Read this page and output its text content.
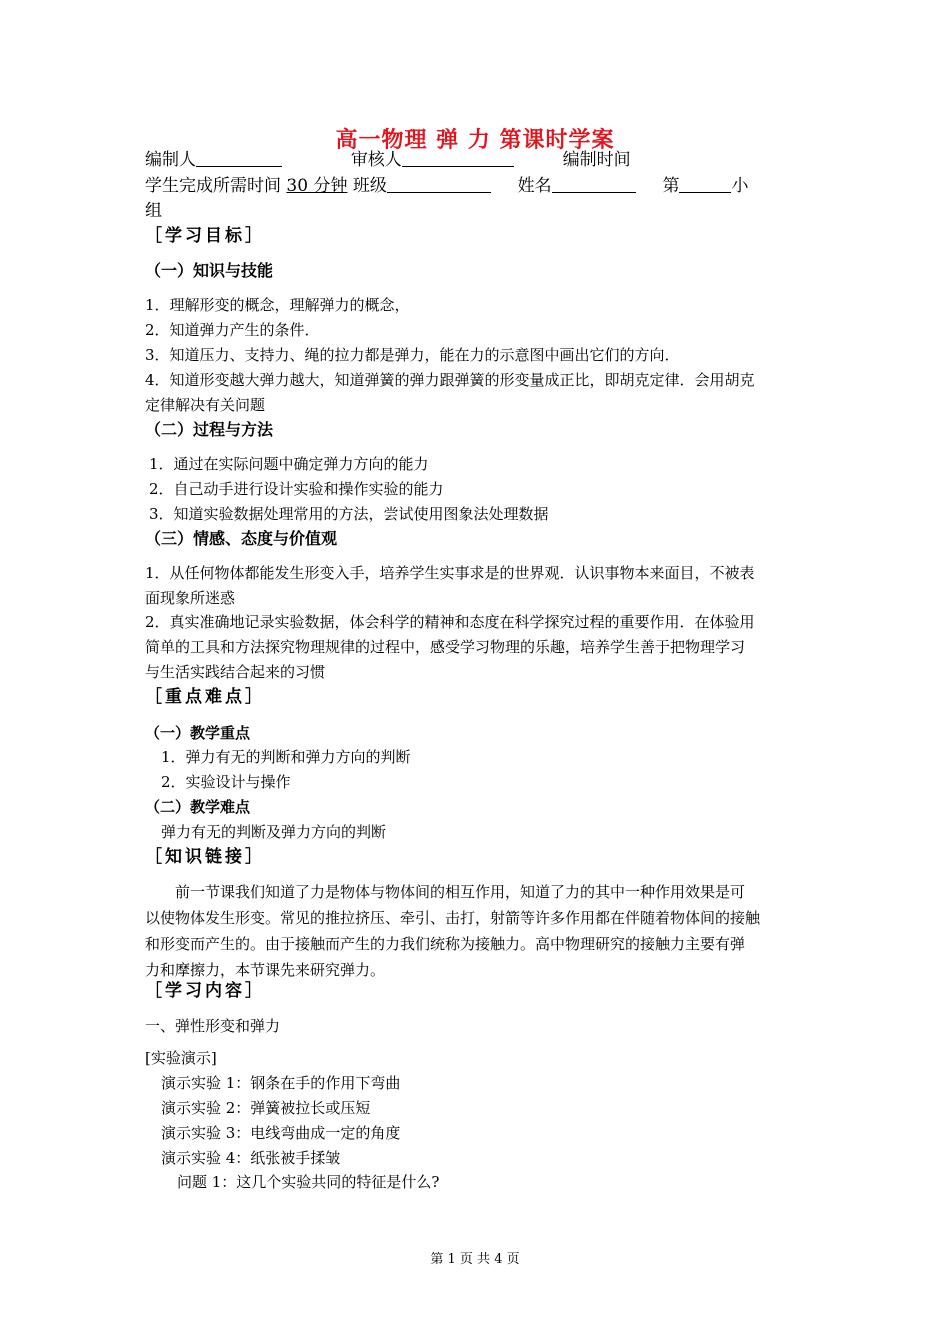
高一物理 弹 力 第课时学案
编制人	审核人	编制时间
学生完成所需时间 30 分钟 班级	姓名	第	小
组
［学习目标］
（一）知识与技能
1．理解形变的概念，理解弹力的概念，
2．知道弹力产生的条件．
3．知道压力、支持力、绳的拉力都是弹力，能在力的示意图中画出它们的方向．
4．知道形变越大弹力越大，知道弹簧的弹力跟弹簧的形变量成正比，即胡克定律．会用胡克
定律解决有关问题
（二）过程与方法
1．通过在实际问题中确定弹力方向的能力
2．自己动手进行设计实验和操作实验的能力
3．知道实验数据处理常用的方法，尝试使用图象法处理数据
（三）情感、态度与价值观
1．从任何物体都能发生形变入手，培养学生实事求是的世界观．认识事物本来面目，不被表
面现象所迷惑
2．真实准确地记录实验数据，体会科学的精神和态度在科学探究过程的重要作用．在体验用
简单的工具和方法探究物理规律的过程中，感受学习物理的乐趣，培养学生善于把物理学习
与生活实践结合起来的习惯
［重点难点］
（一）教学重点
1．弹力有无的判断和弹力方向的判断
2．实验设计与操作
（二）教学难点
弹力有无的判断及弹力方向的判断
［知识链接］
前一节课我们知道了力是物体与物体间的相互作用，知道了力的其中一种作用效果是可
以使物体发生形变。常见的推拉挤压、牵引、击打，射箭等许多作用都在伴随着物体间的接触
和形变而产生的。由于接触而产生的力我们统称为接触力。高中物理研究的接触力主要有弹
力和摩擦力，本节课先来研究弹力。
［学习内容］
一、弹性形变和弹力
[实验演示]
演示实验 1：钢条在手的作用下弯曲
演示实验 2：弹簧被拉长或压短
演示实验 3：电线弯曲成一定的角度
演示实验 4：纸张被手揉皱
问题 1：这几个实验共同的特征是什么?
第 1 页 共 4 页
